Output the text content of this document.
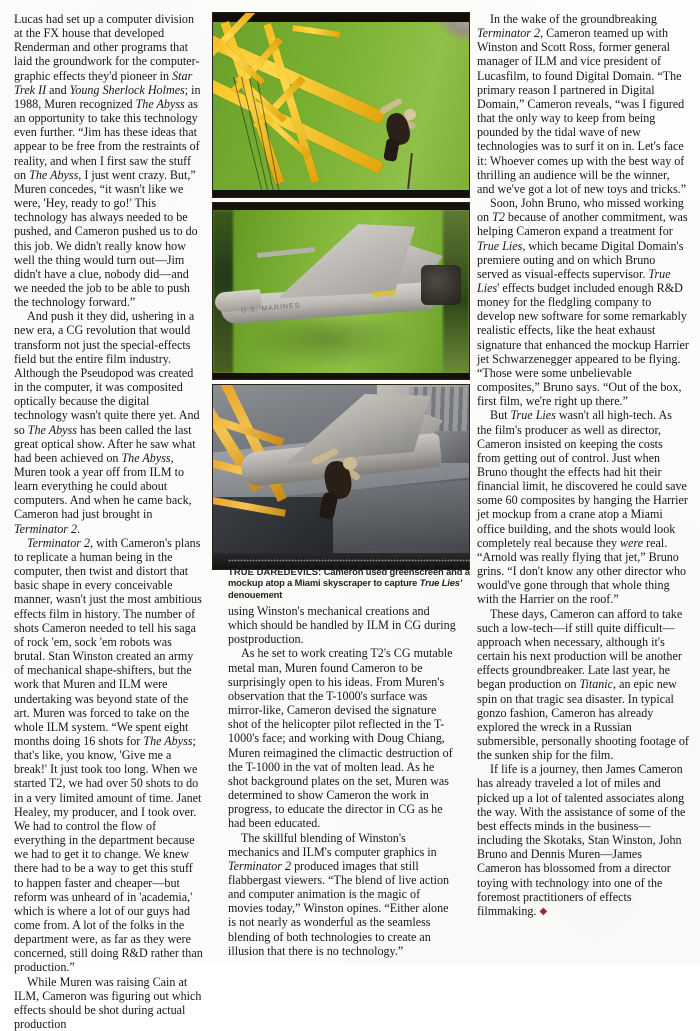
Lucas had set up a computer division at the FX house that developed Renderman and other programs that laid the groundwork for the computer-graphic effects they'd pioneer in Star Trek II and Young Sherlock Holmes; in 1988, Muren recognized The Abyss as an opportunity to take this technology even further. “Jim has these ideas that appear to be free from the restraints of reality, and when I first saw the stuff on The Abyss, I just went crazy. But,” Muren concedes, “it wasn't like we were, 'Hey, ready to go!' This technology has always needed to be pushed, and Cameron pushed us to do this job. We didn't really know how well the thing would turn out—Jim didn't have a clue, nobody did—and we needed the job to be able to push the technology forward.”

And push it they did, ushering in a new era, a CG revolution that would transform not just the special-effects field but the entire film industry. Although the Pseudopod was created in the computer, it was composited optically because the digital technology wasn't quite there yet. And so The Abyss has been called the last great optical show. After he saw what had been achieved on The Abyss, Muren took a year off from ILM to learn everything he could about computers. And when he came back, Cameron had just brought in Terminator 2.

Terminator 2, with Cameron's plans to replicate a human being in the computer, then twist and distort that basic shape in every conceivable manner, wasn't just the most ambitious effects film in history. The number of shots Cameron needed to tell his saga of rock 'em, sock 'em robots was brutal. Stan Winston created an army of mechanical shape-shifters, but the work that Muren and ILM were undertaking was beyond state of the art. Muren was forced to take on the whole ILM system. “We spent eight months doing 16 shots for The Abyss; that's like, you know, 'Give me a break!' It just took too long. When we started T2, we had over 50 shots to do in a very limited amount of time. Janet Healey, my producer, and I took over. We had to control the flow of everything in the department because we had to get it to change. We knew there had to be a way to get this stuff to happen faster and cheaper—but reform was unheard of in 'academia,' which is where a lot of our guys had come from. A lot of the folks in the department were, as far as they were concerned, still doing R&D rather than production.”

While Muren was raising Cain at ILM, Cameron was figuring out which effects should be shot during actual production

U.S. MARINES
TRUE DAREDEVILS: Cameron used greenscreen and a mockup atop a Miami skyscraper to capture True Lies' denouement

using Winston's mechanical creations and which should be handled by ILM in CG during postproduction.

As he set to work creating T2's CG mutable metal man, Muren found Cameron to be surprisingly open to his ideas. From Muren's observation that the T-1000's surface was mirror-like, Cameron devised the signature shot of the helicopter pilot reflected in the T-1000's face; and working with Doug Chiang, Muren reimagined the climactic destruction of the T-1000 in the vat of molten lead. As he shot background plates on the set, Muren was determined to show Cameron the work in progress, to educate the director in CG as he had been educated.

The skillful blending of Winston's mechanics and ILM's computer graphics in Terminator 2 produced images that still flabbergast viewers. “The blend of live action and computer animation is the magic of movies today,” Winston opines. “Either alone is not nearly as wonderful as the seamless blending of both technologies to create an illusion that there is no technology.”

In the wake of the groundbreaking Terminator 2, Cameron teamed up with Winston and Scott Ross, former general manager of ILM and vice president of Lucasfilm, to found Digital Domain. “The primary reason I partnered in Digital Domain,” Cameron reveals, “was I figured that the only way to keep from being pounded by the tidal wave of new technologies was to surf it on in. Let's face it: Whoever comes up with the best way of thrilling an audience will be the winner, and we've got a lot of new toys and tricks.”

Soon, John Bruno, who missed working on T2 because of another commitment, was helping Cameron expand a treatment for True Lies, which became Digital Domain's premiere outing and on which Bruno served as visual-effects supervisor. True Lies' effects budget included enough R&D money for the fledgling company to develop new software for some remarkably realistic effects, like the heat exhaust signature that enhanced the mockup Harrier jet Schwarzenegger appeared to be flying. “Those were some unbelievable composites,” Bruno says. “Out of the box, first film, we're right up there.”

But True Lies wasn't all high-tech. As the film's producer as well as director, Cameron insisted on keeping the costs from getting out of control. Just when Bruno thought the effects had hit their financial limit, he discovered he could save some 60 composites by hanging the Harrier jet mockup from a crane atop a Miami office building, and the shots would look completely real because they were real. “Arnold was really flying that jet,” Bruno grins. “I don't know any other director who would've gone through that whole thing with the Harrier on the roof.”

These days, Cameron can afford to take such a low-tech—if still quite difficult—approach when necessary, although it's certain his next production will be another effects groundbreaker. Late last year, he began production on Titanic, an epic new spin on that tragic sea disaster. In typical gonzo fashion, Cameron has already explored the wreck in a Russian submersible, personally shooting footage of the sunken ship for the film.

If life is a journey, then James Cameron has already traveled a lot of miles and picked up a lot of talented associates along the way. With the assistance of some of the best effects minds in the business—including the Skotaks, Stan Winston, John Bruno and Dennis Muren—James Cameron has blossomed from a director toying with technology into one of the foremost practitioners of effects filmmaking. ◆
